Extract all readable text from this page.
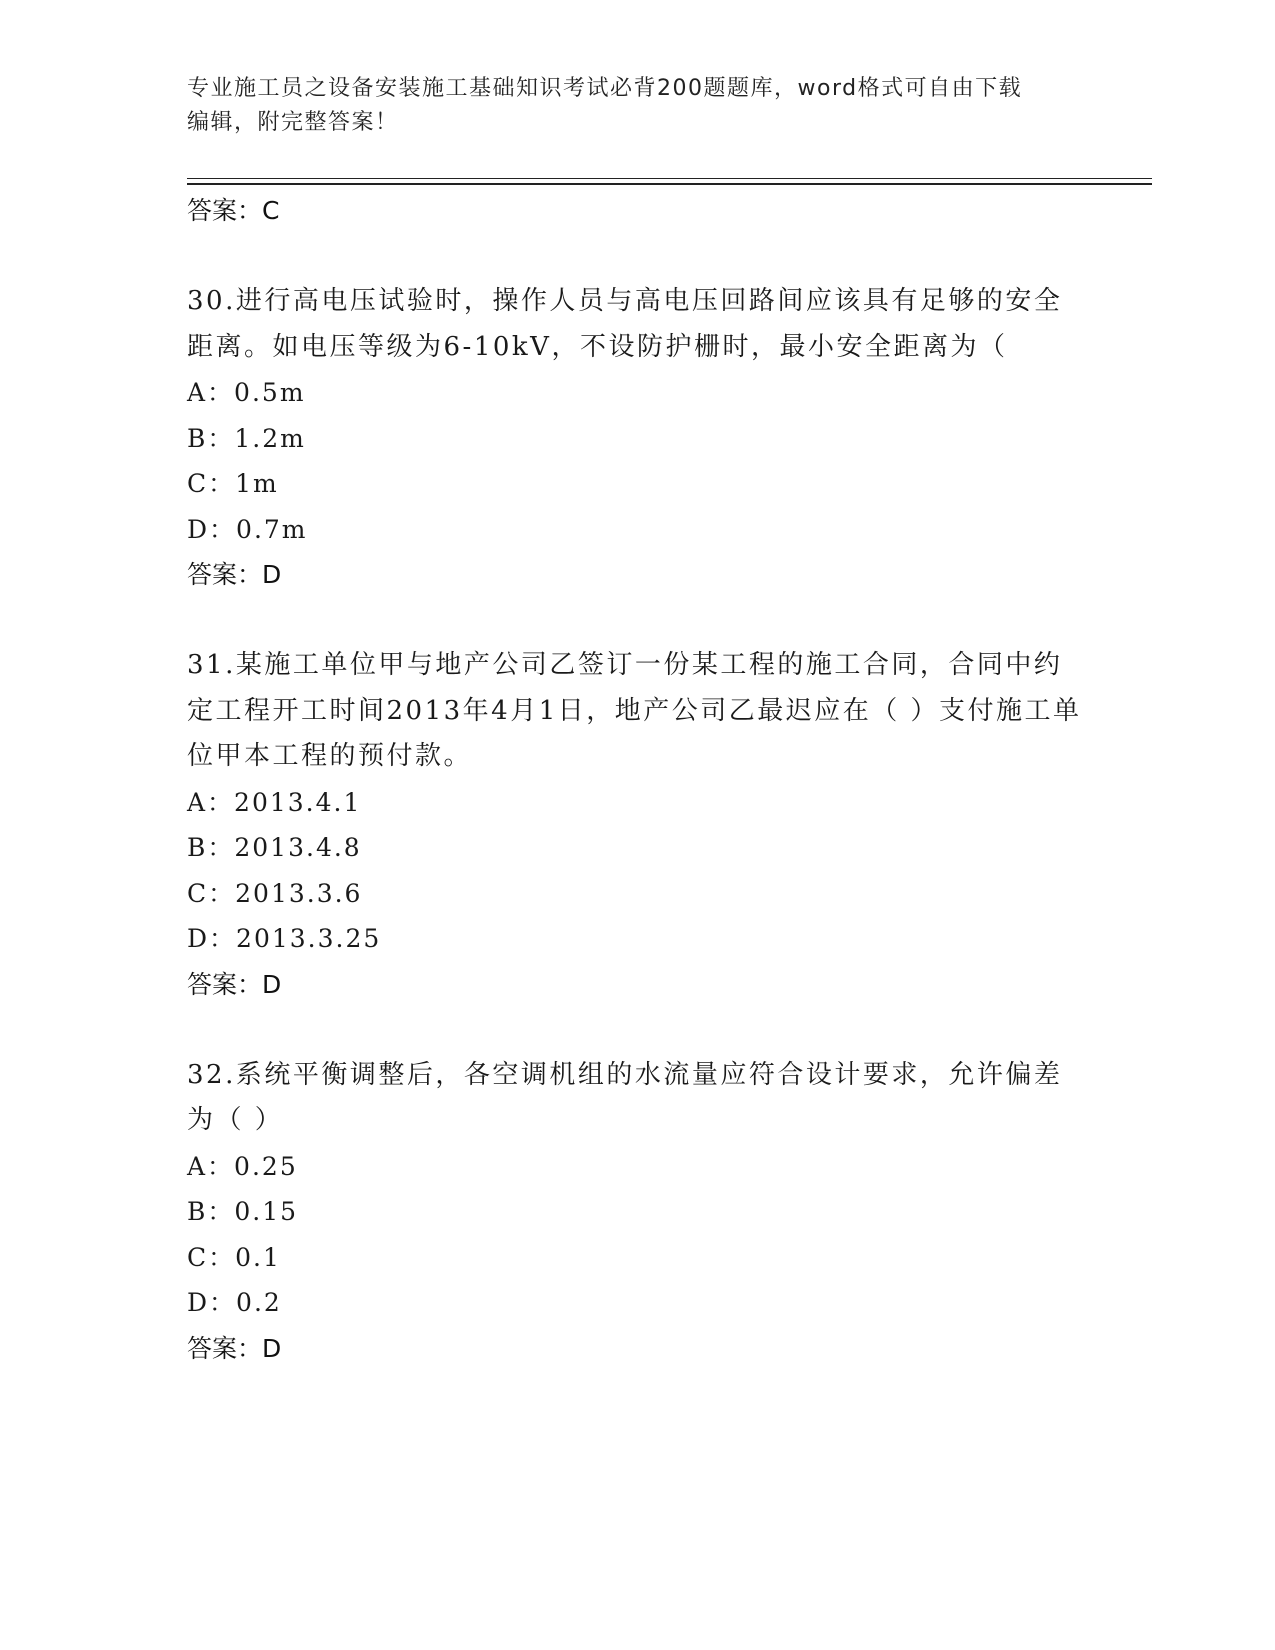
专业施工员之设备安装施工基础知识考试必背200题题库，word格式可自由下载
编辑，附完整答案！

答案：C

30.进行高电压试验时，操作人员与高电压回路间应该具有足够的安全距离。如电压等级为6-10kV，不设防护栅时，最小安全距离为（

A：0.5m
B：1.2m
C：1m
D：0.7m

答案：D

31.某施工单位甲与地产公司乙签订一份某工程的施工合同，合同中约定工程开工时间2013年4月1日，地产公司乙最迟应在（ ）支付施工单位甲本工程的预付款。

A：2013.4.1
B：2013.4.8
C：2013.3.6
D：2013.3.25

答案：D

32.系统平衡调整后，各空调机组的水流量应符合设计要求，允许偏差为（ ）

A：0.25
B：0.15
C：0.1
D：0.2

答案：D
